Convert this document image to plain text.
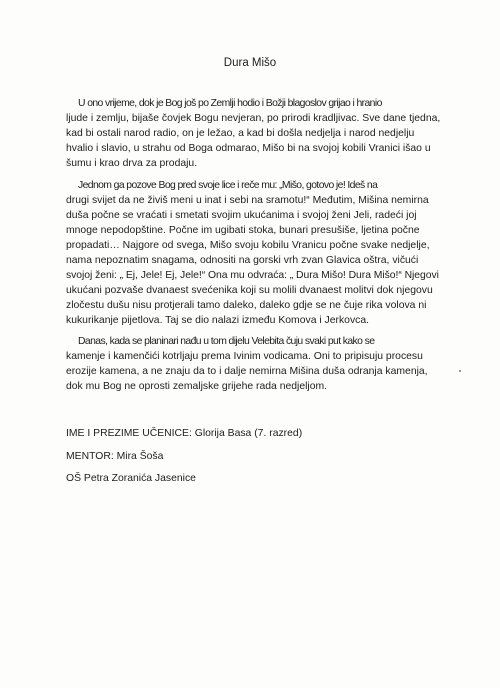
Dura Mišo
U ono vrijeme, dok je Bog još po Zemlji hodio i Božji blagoslov grijao i hranio
ljude i zemlju, bijaše čovjek Bogu nevjeran, po prirodi kradljivac. Sve dane tjedna,
kad bi ostali narod radio, on je ležao, a kad bi došla nedjelja i narod nedjelju
hvalio i slavio, u strahu od Boga odmarao, Mišo bi na svojoj kobili Vranici išao u
šumu i krao drva za prodaju.
Jednom ga pozove Bog pred svoje lice i reče mu: „Mišo, gotovo je! Ideš na
drugi svijet da ne živiš meni u inat i sebi na sramotu!“ Međutim, Mišina nemirna
duša počne se vraćati i smetati svojim ukućanima i svojoj ženi Jeli, radeći joj
mnoge nepodopštine. Počne im ugibati stoka, bunari presušiše, ljetina počne
propadati… Najgore od svega, Mišo svoju kobilu Vranicu počne svake nedjelje,
nama nepoznatim snagama, odnositi na gorski vrh zvan Glavica oštra, vičući
svojoj ženi: „ Ej, Jele! Ej, Jele!“ Ona mu odvraća: „ Dura Mišo! Dura Mišo!“ Njegovi
ukućani pozvaše dvanaest svećenika koji su molili dvanaest molitvi dok njegovu
zločestu dušu nisu protjerali tamo daleko, daleko gdje se ne čuje rika volova ni
kukurikanje pijetlova. Taj se dio nalazi između Komova i Jerkovca.
Danas, kada se planinari nađu u tom dijelu Velebita čuju svaki put kako se
kamenje i kamenčići kotrljaju prema Ivinim vodicama. Oni to pripisuju procesu
erozije kamena, a ne znaju da to i dalje nemirna Mišina duša odranja kamenja,
dok mu Bog ne oprosti zemaljske grijehe rada nedjeljom.
IME I PREZIME UČENICE: Glorija Basa (7. razred)
MENTOR: Mira Šoša
OŠ Petra Zoranića Jasenice
